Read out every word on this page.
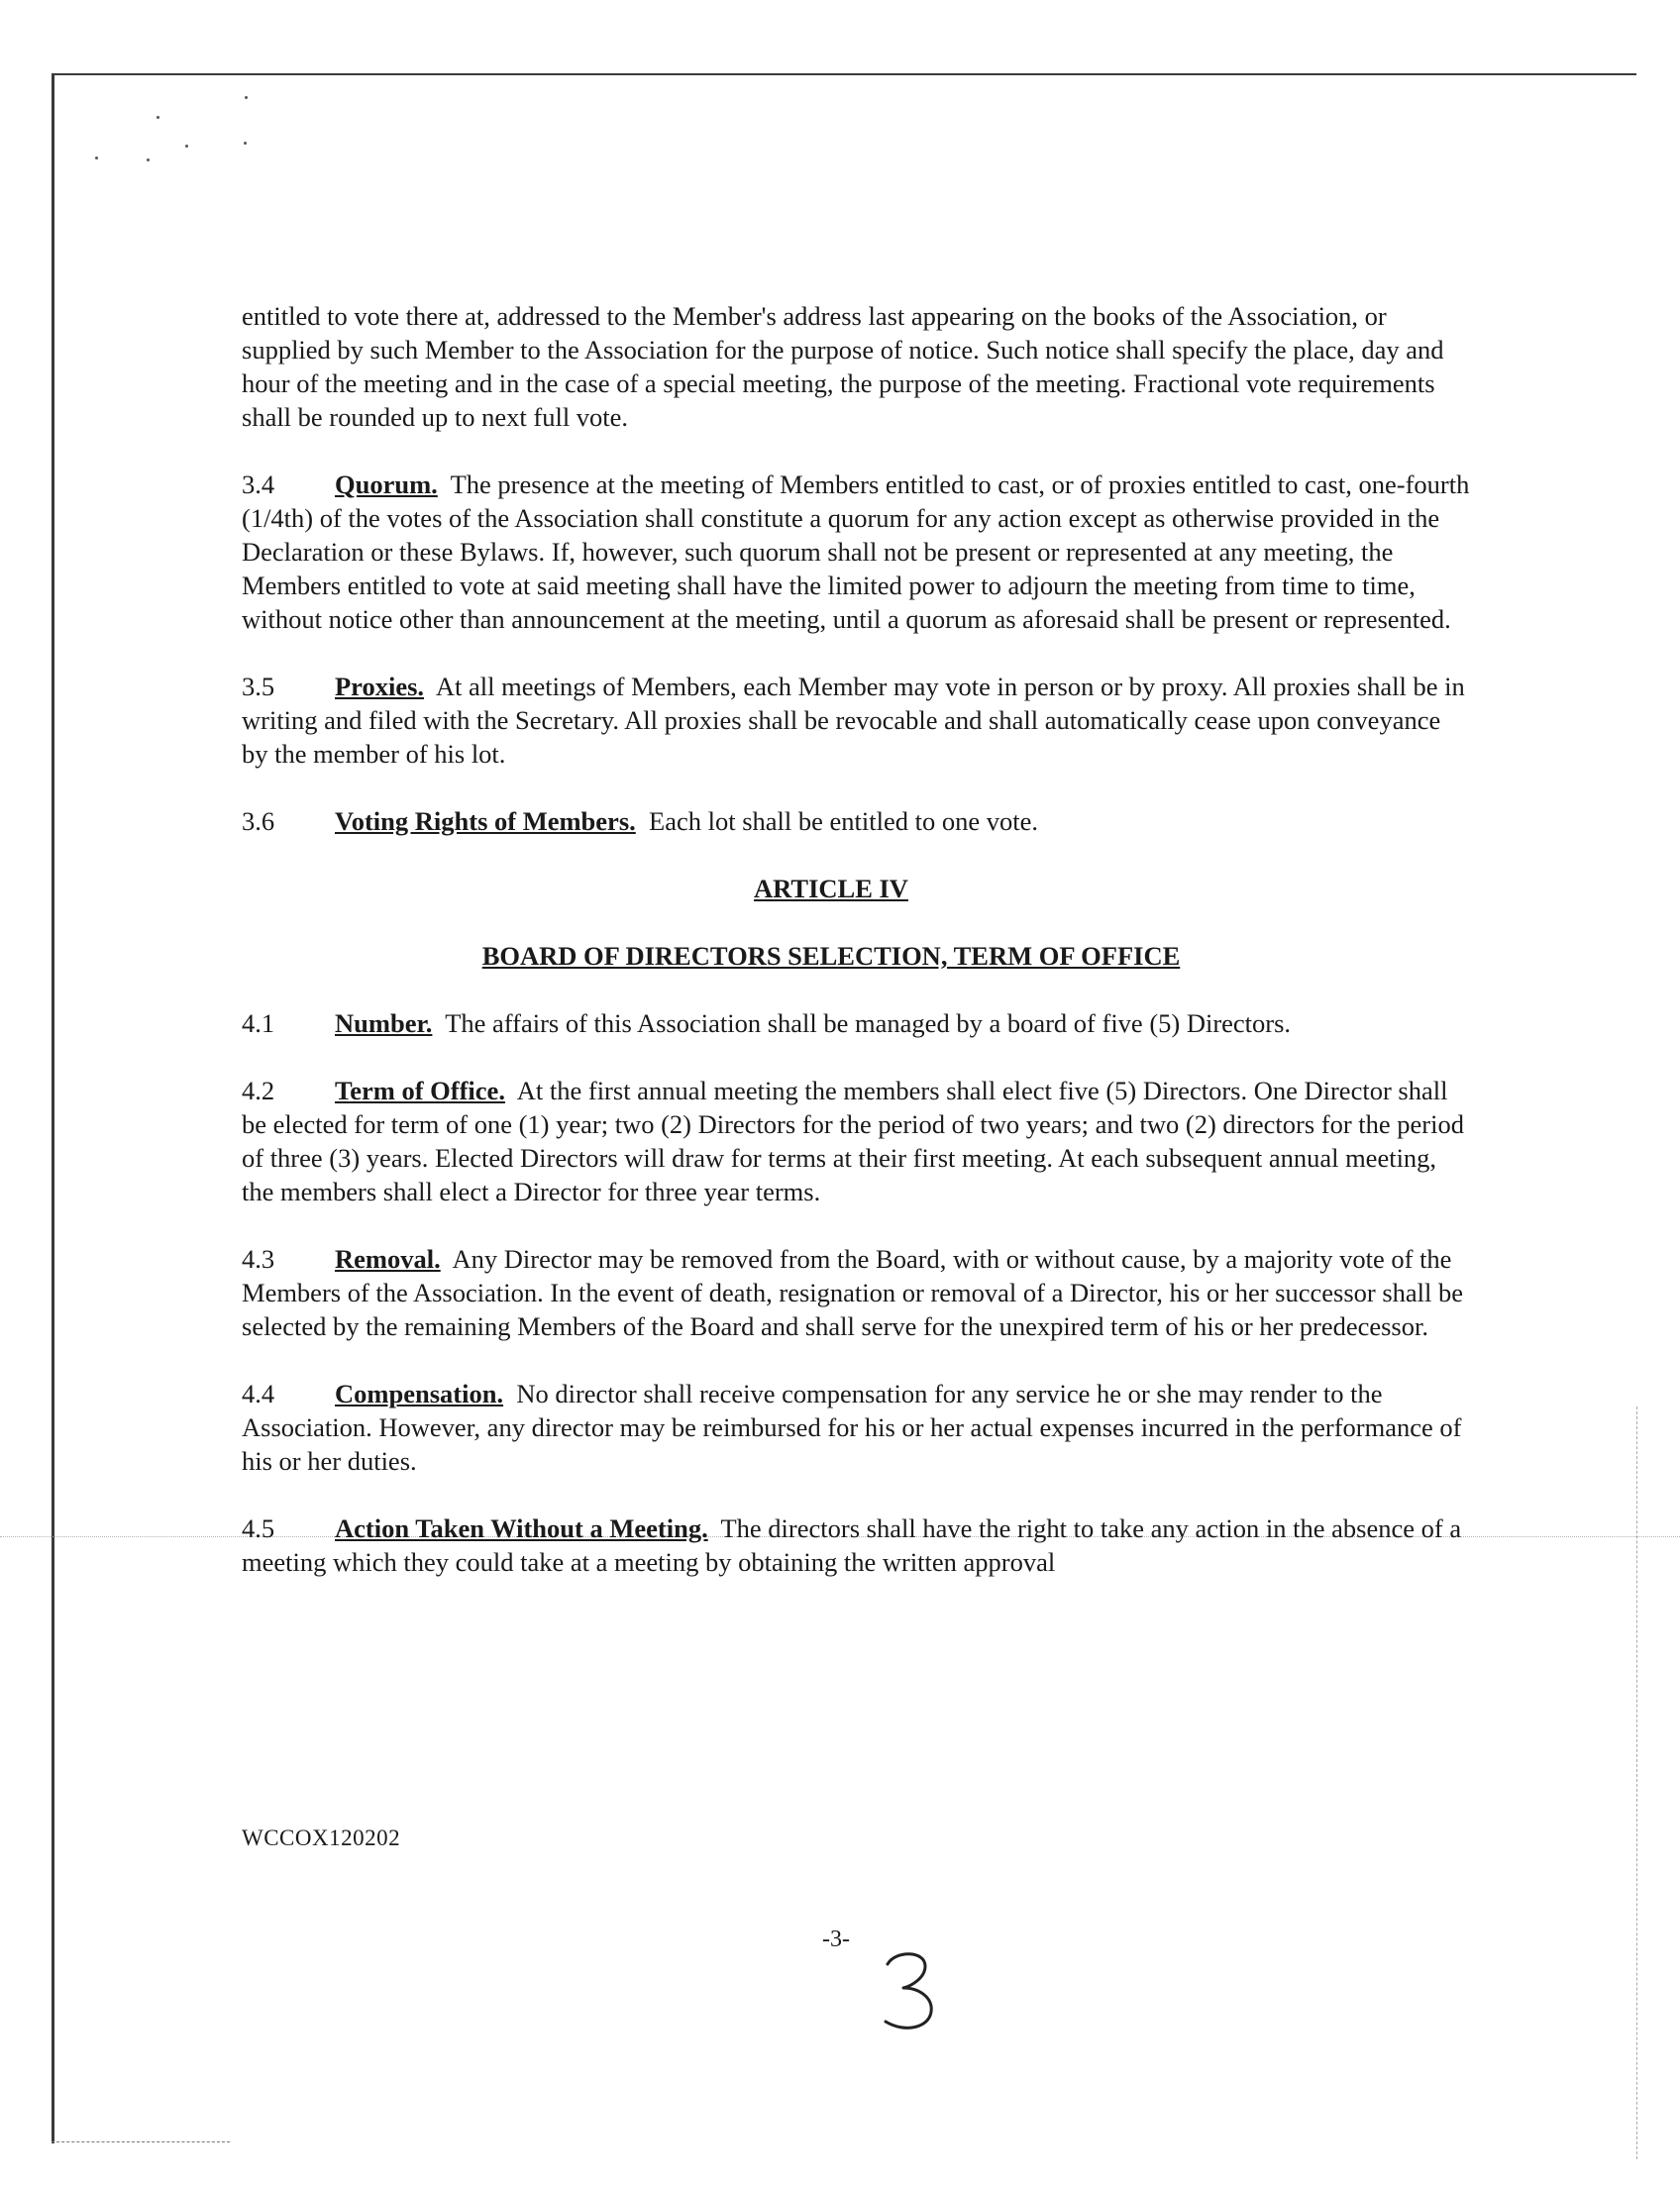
entitled to vote there at, addressed to the Member's address last appearing on the books of the Association, or supplied by such Member to the Association for the purpose of notice. Such notice shall specify the place, day and hour of the meeting and in the case of a special meeting, the purpose of the meeting. Fractional vote requirements shall be rounded up to next full vote.

3.4 Quorum. The presence at the meeting of Members entitled to cast, or of proxies entitled to cast, one-fourth (1/4th) of the votes of the Association shall constitute a quorum for any action except as otherwise provided in the Declaration or these Bylaws. If, however, such quorum shall not be present or represented at any meeting, the Members entitled to vote at said meeting shall have the limited power to adjourn the meeting from time to time, without notice other than announcement at the meeting, until a quorum as aforesaid shall be present or represented.

3.5 Proxies. At all meetings of Members, each Member may vote in person or by proxy. All proxies shall be in writing and filed with the Secretary. All proxies shall be revocable and shall automatically cease upon conveyance by the member of his lot.

3.6 Voting Rights of Members. Each lot shall be entitled to one vote.

ARTICLE IV

BOARD OF DIRECTORS SELECTION, TERM OF OFFICE

4.1 Number. The affairs of this Association shall be managed by a board of five (5) Directors.

4.2 Term of Office. At the first annual meeting the members shall elect five (5) Directors. One Director shall be elected for term of one (1) year; two (2) Directors for the period of two years; and two (2) directors for the period of three (3) years. Elected Directors will draw for terms at their first meeting. At each subsequent annual meeting, the members shall elect a Director for three year terms.

4.3 Removal. Any Director may be removed from the Board, with or without cause, by a majority vote of the Members of the Association. In the event of death, resignation or removal of a Director, his or her successor shall be selected by the remaining Members of the Board and shall serve for the unexpired term of his or her predecessor.

4.4 Compensation. No director shall receive compensation for any service he or she may render to the Association. However, any director may be reimbursed for his or her actual expenses incurred in the performance of his or her duties.

4.5 Action Taken Without a Meeting. The directors shall have the right to take any action in the absence of a meeting which they could take at a meeting by obtaining the written approval

WCCOX120202
-3-
